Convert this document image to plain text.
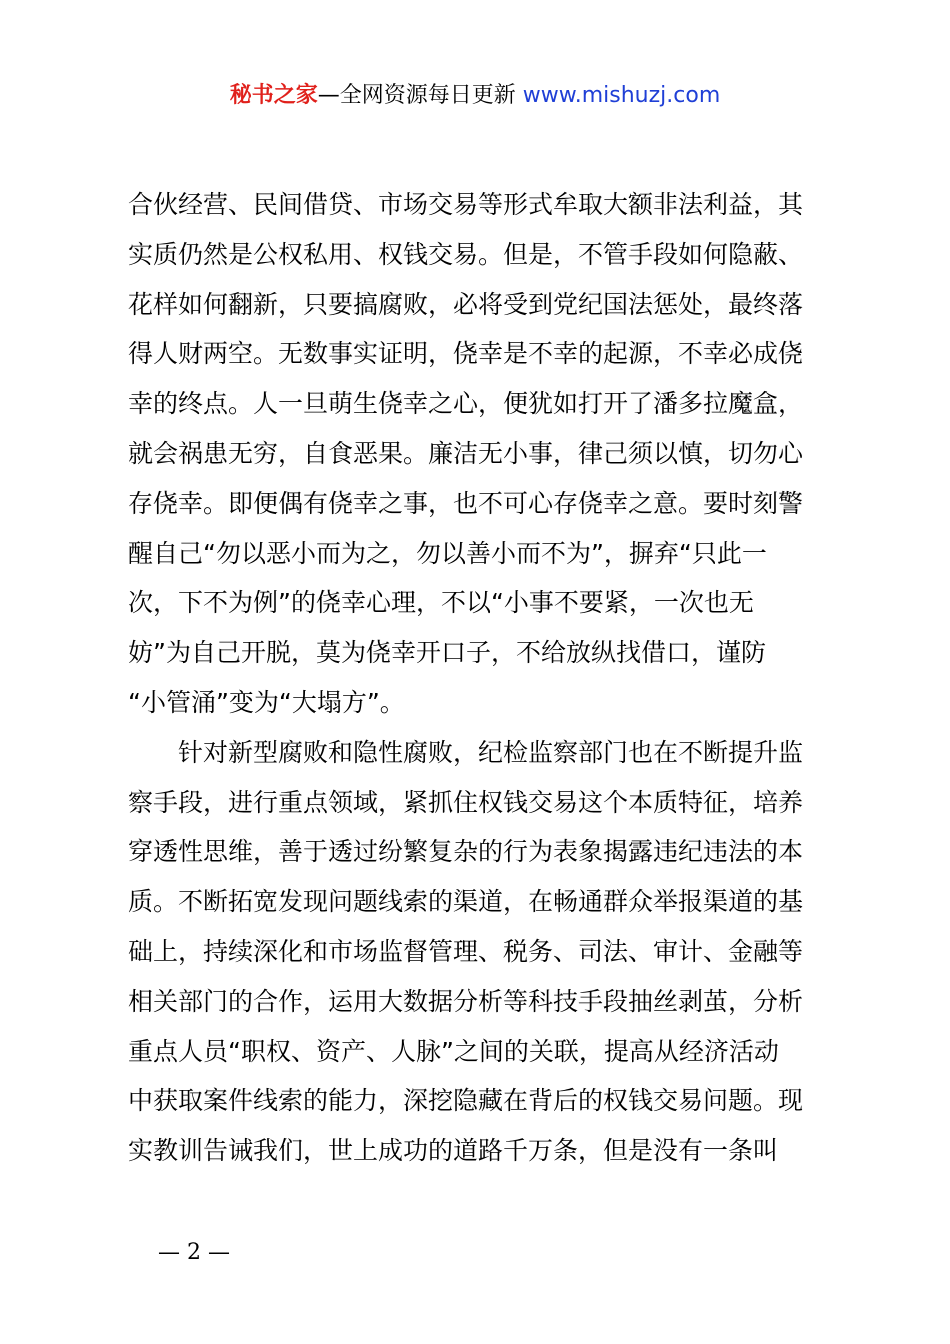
秘书之家—全网资源每日更新 www.mishuzj.com
合伙经营、民间借贷、市场交易等形式牟取大额非法利益，其
实质仍然是公权私用、权钱交易。但是，不管手段如何隐蔽、
花样如何翻新，只要搞腐败，必将受到党纪国法惩处，最终落
得人财两空。无数事实证明，侥幸是不幸的起源，不幸必成侥
幸的终点。人一旦萌生侥幸之心，便犹如打开了潘多拉魔盒，
就会祸患无穷，自食恶果。廉洁无小事，律己须以慎，切勿心
存侥幸。即便偶有侥幸之事，也不可心存侥幸之意。要时刻警
醒自己“勿以恶小而为之，勿以善小而不为”，摒弃“只此一
次，下不为例”的侥幸心理，不以“小事不要紧，一次也无
妨”为自己开脱，莫为侥幸开口子，不给放纵找借口，谨防
“小管涌”变为“大塌方”。
　　针对新型腐败和隐性腐败，纪检监察部门也在不断提升监
察手段，进行重点领域，紧抓住权钱交易这个本质特征，培养
穿透性思维，善于透过纷繁复杂的行为表象揭露违纪违法的本
质。不断拓宽发现问题线索的渠道，在畅通群众举报渠道的基
础上，持续深化和市场监督管理、税务、司法、审计、金融等
相关部门的合作，运用大数据分析等科技手段抽丝剥茧，分析
重点人员“职权、资产、人脉”之间的关联，提高从经济活动
中获取案件线索的能力，深挖隐藏在背后的权钱交易问题。现
实教训告诫我们，世上成功的道路千万条，但是没有一条叫
— 2 —
